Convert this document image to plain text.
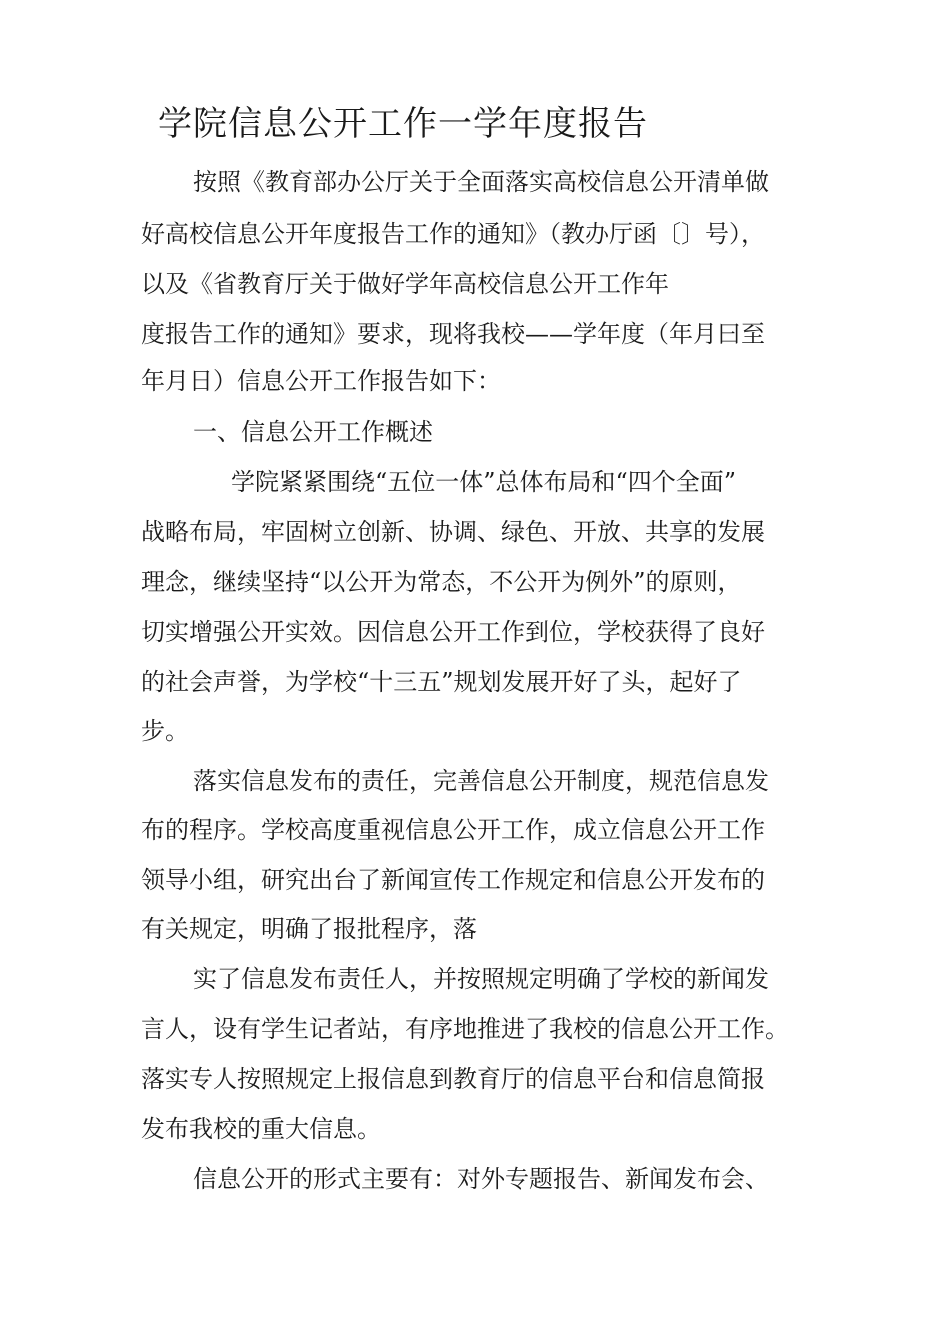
学院信息公开工作一学年度报告
按照《教育部办公厅关于全面落实高校信息公开清单做
好高校信息公开年度报告工作的通知》（教办厅函〔〕号），
以及《省教育厅关于做好学年高校信息公开工作年
度报告工作的通知》要求，现将我校——学年度（年月曰至
年月日）信息公开工作报告如下：
一、信息公开工作概述
学院紧紧围绕“五位一体”总体布局和“四个全面”
战略布局，牢固树立创新、协调、绿色、开放、共享的发展
理念，继续坚持“以公开为常态，不公开为例外”的原则，
切实增强公开实效。因信息公开工作到位，学校获得了良好
的社会声誉，为学校“十三五”规划发展开好了头，起好了
步。
落实信息发布的责任，完善信息公开制度，规范信息发
布的程序。学校高度重视信息公开工作，成立信息公开工作
领导小组，研究出台了新闻宣传工作规定和信息公开发布的
有关规定，明确了报批程序，落
实了信息发布责任人，并按照规定明确了学校的新闻发
言人，设有学生记者站，有序地推进了我校的信息公开工作。
落实专人按照规定上报信息到教育厅的信息平台和信息简报
发布我校的重大信息。
信息公开的形式主要有：对外专题报告、新闻发布会、
